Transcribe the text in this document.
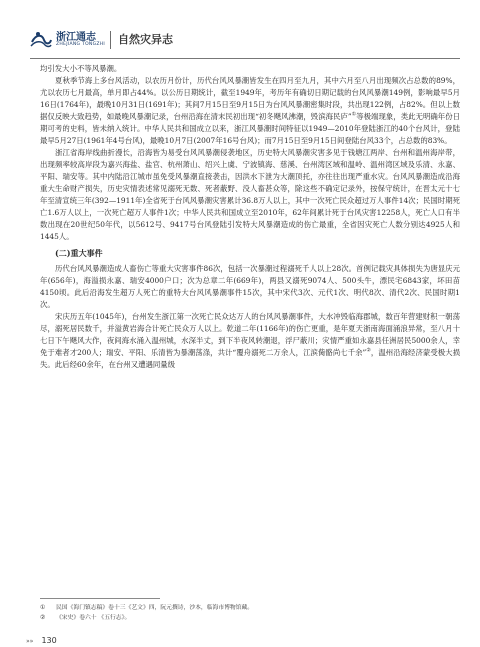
浙江通志
ZHEJIANG TONGZHI 自然灾异志

均引发大小不等风暴潮。

夏秋季节海上多台风活动，以农历月份计，历代台风风暴潮皆发生在四月至九月，其中六月至八月出现频次占总数的89%，尤以农历七月最高，单月即占44%。以公历日期统计，截至1949年，考历年有确切日期记载的台风风暴潮149例，影响最早5月16日(1764年)，最晚10月31日(1691年)；其间7月15日至9月15日为台风风暴潮密集时段，共出现122例，占82%。但以上数据仅反映大致趋势，如最晚风暴潮记录，台州沿海在清末民初出现“初冬飓风沸潮，毁滨海民庐”①等极端现象，类此无明确年份日期可考的史料，皆未纳入统计。中华人民共和国成立以来，浙江风暴潮时间特征以1949—2010年登陆浙江的40个台风计，登陆最早5月27日(1961年4号台风)，最晚10月7日(2007年16号台风)；而7月15日至9月15日间登陆台风33个，占总数的83%。

浙江省海岸线曲折漫长，沿海皆为易受台风风暴潮侵袭地区，历史特大风暴潮灾害多见于钱塘江两岸、台州和温州海岸带，出现频率较高岸段为嘉兴海盐、盐官、杭州萧山、绍兴上虞、宁波镇海、慈溪、台州湾区域和温岭、温州湾区域及乐清、永嘉、平阳、瑞安等。其中内陆沿江城市虽免受风暴潮直接袭击，因洪水下泄为大潮顶托，亦往往出现严重水灾。台风风暴潮造成沿海重大生命财产损失，历史灾情表述常见溺死无数、死者蔽野、没人畜甚众等，除这些不确定记录外，按保守统计，在晋太元十七年至清宣统三年(392—1911年)全省死于台风风暴潮灾害累计36.8万人以上，其中一次死亡民众超过万人事件14次；民国时期死亡1.6万人以上，一次死亡超万人事件1次；中华人民共和国成立至2010年，62年间累计死于台风灾害12258人，死亡人口有半数出现在20世纪50年代，以5612号、9417号台风登陆引发特大风暴潮造成的伤亡最重，全省因灾死亡人数分别达4925人和1445人。

(二)重大事件

历代台风风暴潮造成人畜伤亡等重大灾害事件86次，包括一次暴潮过程溺死千人以上28次。首例记载灾具体损失为唐显庆元年(656年)，海溢损永嘉、瑞安4000户口；次为总章二年(669年)，两县又溺死9074人、500头牛，漂民宅6843家，坏田苗4150顷。此后沿海发生超万人死亡的重特大台风风暴潮事件15次，其中宋代3次、元代1次、明代8次、清代2次、民国时期1次。

宋庆历五年(1045年)，台州发生浙江第一次死亡民众达万人的台风风暴潮事件，大水冲毁临海郡城，数百年营建财积一朝荡尽，溺死居民数千，并溢黄岩海合计死亡民众万人以上。乾道二年(1166年)的伤亡更重，是年夏天浙南海面涌浪异常，至八月十七日下午飓风大作，夜间海水涌入温州城，水深半丈，到下半夜风转潮退，浮尸蔽川；灾情严重如永嘉县任洲居民5000余人，幸免于难者才200人；瑞安、平阳、乐清皆为暴潮荡涤，共计“覆舟溺死二万余人，江滨胔骼尚七千余”②，温州沿海经济蒙受极大损失。此后经60余年，在台州又遭遇同量级

① 民国《海门镇志稿》卷十三《艺文》四，阮元撰诗，沙本，临海市博物馆藏。

② 《宋史》卷六十 《五行志》。

»» 130
